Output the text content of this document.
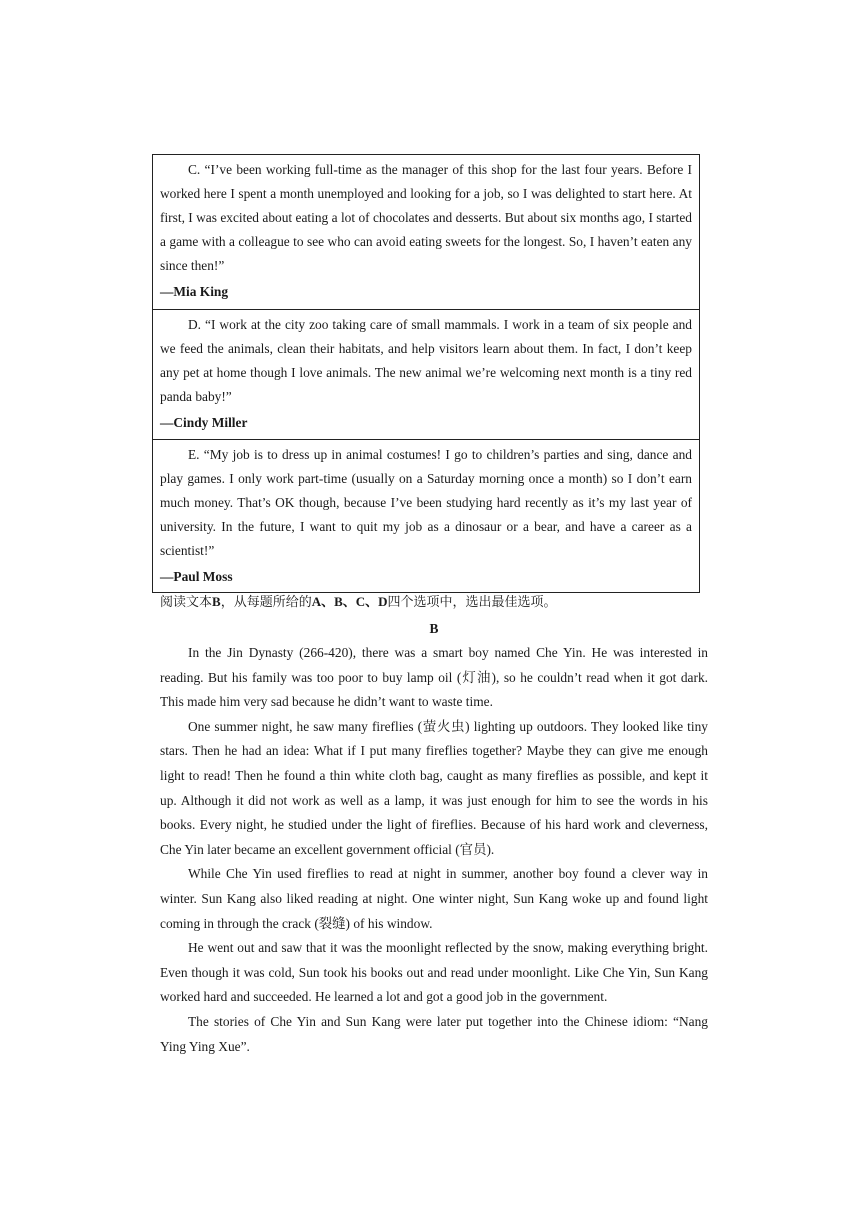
C. “I’ve been working full-time as the manager of this shop for the last four years. Before I worked here I spent a month unemployed and looking for a job, so I was delighted to start here. At first, I was excited about eating a lot of chocolates and desserts. But about six months ago, I started a game with a colleague to see who can avoid eating sweets for the longest. So, I haven’t eaten any since then!”

—Mia King

D. “I work at the city zoo taking care of small mammals. I work in a team of six people and we feed the animals, clean their habitats, and help visitors learn about them. In fact, I don’t keep any pet at home though I love animals. The new animal we’re welcoming next month is a tiny red panda baby!”

—Cindy Miller

E. “My job is to dress up in animal costumes! I go to children’s parties and sing, dance and play games. I only work part-time (usually on a Saturday morning once a month) so I don’t earn much money. That’s OK though, because I’ve been studying hard recently as it’s my last year of university. In the future, I want to quit my job as a dinosaur or a bear, and have a career as a scientist!”

—Paul Moss

阅读文本B，从每题所给的A、B、C、D四个选项中，选出最佳选项。
B

In the Jin Dynasty (266-420), there was a smart boy named Che Yin. He was interested in reading. But his family was too poor to buy lamp oil (灯油), so he couldn’t read when it got dark. This made him very sad because he didn’t want to waste time.

One summer night, he saw many fireflies (萤火虫) lighting up outdoors. They looked like tiny stars. Then he had an idea: What if I put many fireflies together? Maybe they can give me enough light to read! Then he found a thin white cloth bag, caught as many fireflies as possible, and kept it up. Although it did not work as well as a lamp, it was just enough for him to see the words in his books. Every night, he studied under the light of fireflies. Because of his hard work and cleverness, Che Yin later became an excellent government official (官员).

While Che Yin used fireflies to read at night in summer, another boy found a clever way in winter. Sun Kang also liked reading at night. One winter night, Sun Kang woke up and found light coming in through the crack (裂缝) of his window.

He went out and saw that it was the moonlight reflected by the snow, making everything bright. Even though it was cold, Sun took his books out and read under moonlight. Like Che Yin, Sun Kang worked hard and succeeded. He learned a lot and got a good job in the government.

The stories of Che Yin and Sun Kang were later put together into the Chinese idiom: “Nang Ying Ying Xue”.
